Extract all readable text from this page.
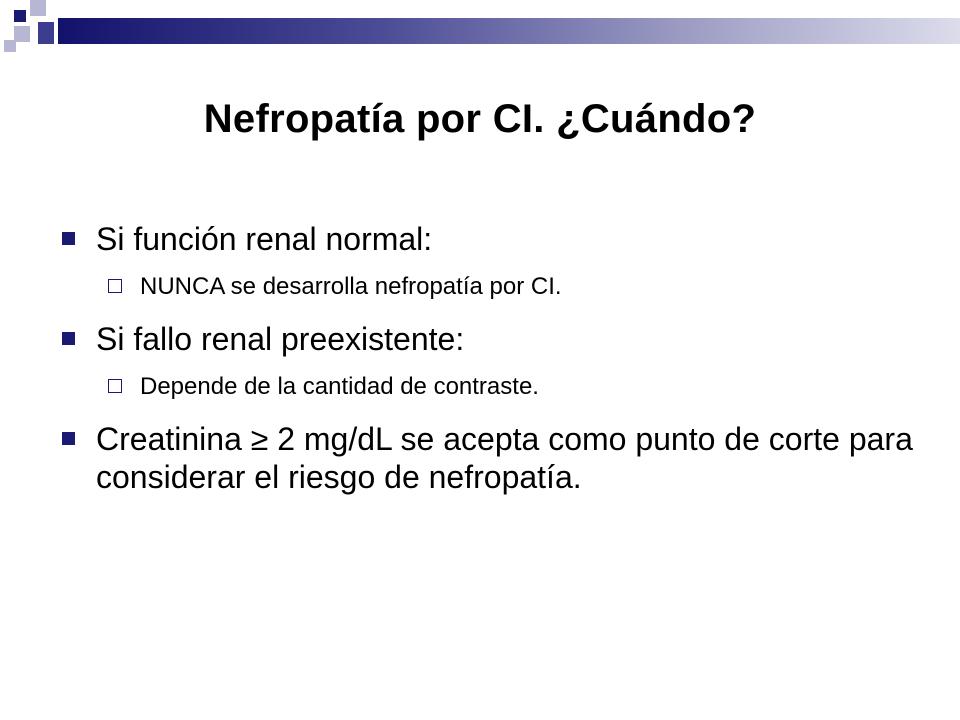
Nefropatía por CI. ¿Cuándo?
Si función renal normal:
NUNCA se desarrolla nefropatía por CI.
Si fallo renal preexistente:
Depende de la cantidad de contraste.
Creatinina ≥ 2 mg/dL se acepta como punto de corte para considerar el riesgo de nefropatía.
